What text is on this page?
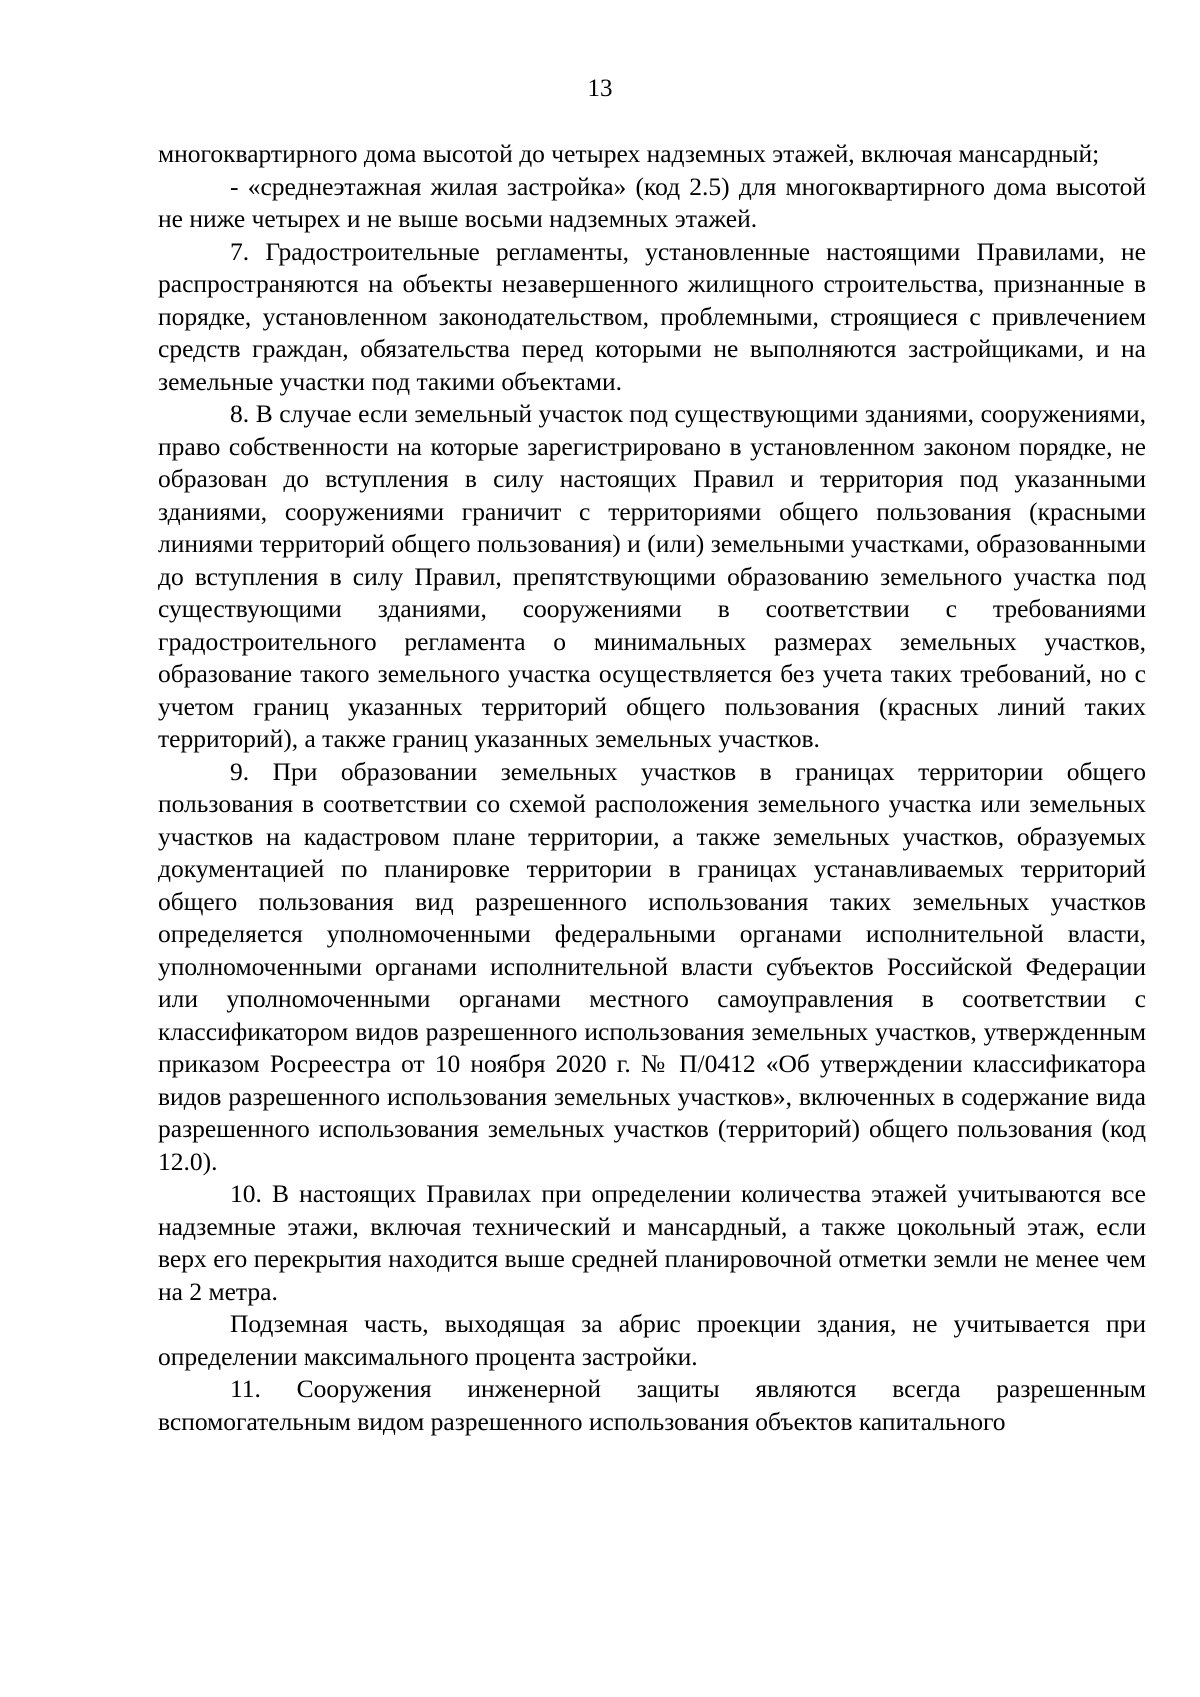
13

многоквартирного дома высотой до четырех надземных этажей, включая мансардный;

- «среднеэтажная жилая застройка» (код 2.5) для многоквартирного дома высотой не ниже четырех и не выше восьми надземных этажей.

7. Градостроительные регламенты, установленные настоящими Правилами, не распространяются на объекты незавершенного жилищного строительства, признанные в порядке, установленном законодательством, проблемными, строящиеся с привлечением средств граждан, обязательства перед которыми не выполняются застройщиками, и на земельные участки под такими объектами.

8. В случае если земельный участок под существующими зданиями, сооружениями, право собственности на которые зарегистрировано в установленном законом порядке, не образован до вступления в силу настоящих Правил и территория под указанными зданиями, сооружениями граничит с территориями общего пользования (красными линиями территорий общего пользования) и (или) земельными участками, образованными до вступления в силу Правил, препятствующими образованию земельного участка под существующими зданиями, сооружениями в соответствии с требованиями градостроительного регламента о минимальных размерах земельных участков, образование такого земельного участка осуществляется без учета таких требований, но с учетом границ указанных территорий общего пользования (красных линий таких территорий), а также границ указанных земельных участков.

9. При образовании земельных участков в границах территории общего пользования в соответствии со схемой расположения земельного участка или земельных участков на кадастровом плане территории, а также земельных участков, образуемых документацией по планировке территории в границах устанавливаемых территорий общего пользования вид разрешенного использования таких земельных участков определяется уполномоченными федеральными органами исполнительной власти, уполномоченными органами исполнительной власти субъектов Российской Федерации или уполномоченными органами местного самоуправления в соответствии с классификатором видов разрешенного использования земельных участков, утвержденным приказом Росреестра от 10 ноября 2020 г. № П/0412 «Об утверждении классификатора видов разрешенного использования земельных участков», включенных в содержание вида разрешенного использования земельных участков (территорий) общего пользования (код 12.0).

10. В настоящих Правилах при определении количества этажей учитываются все надземные этажи, включая технический и мансардный, а также цокольный этаж, если верх его перекрытия находится выше средней планировочной отметки земли не менее чем на 2 метра.

Подземная часть, выходящая за абрис проекции здания, не учитывается при определении максимального процента застройки.

11. Сооружения инженерной защиты являются всегда разрешенным вспомогательным видом разрешенного использования объектов капитального
